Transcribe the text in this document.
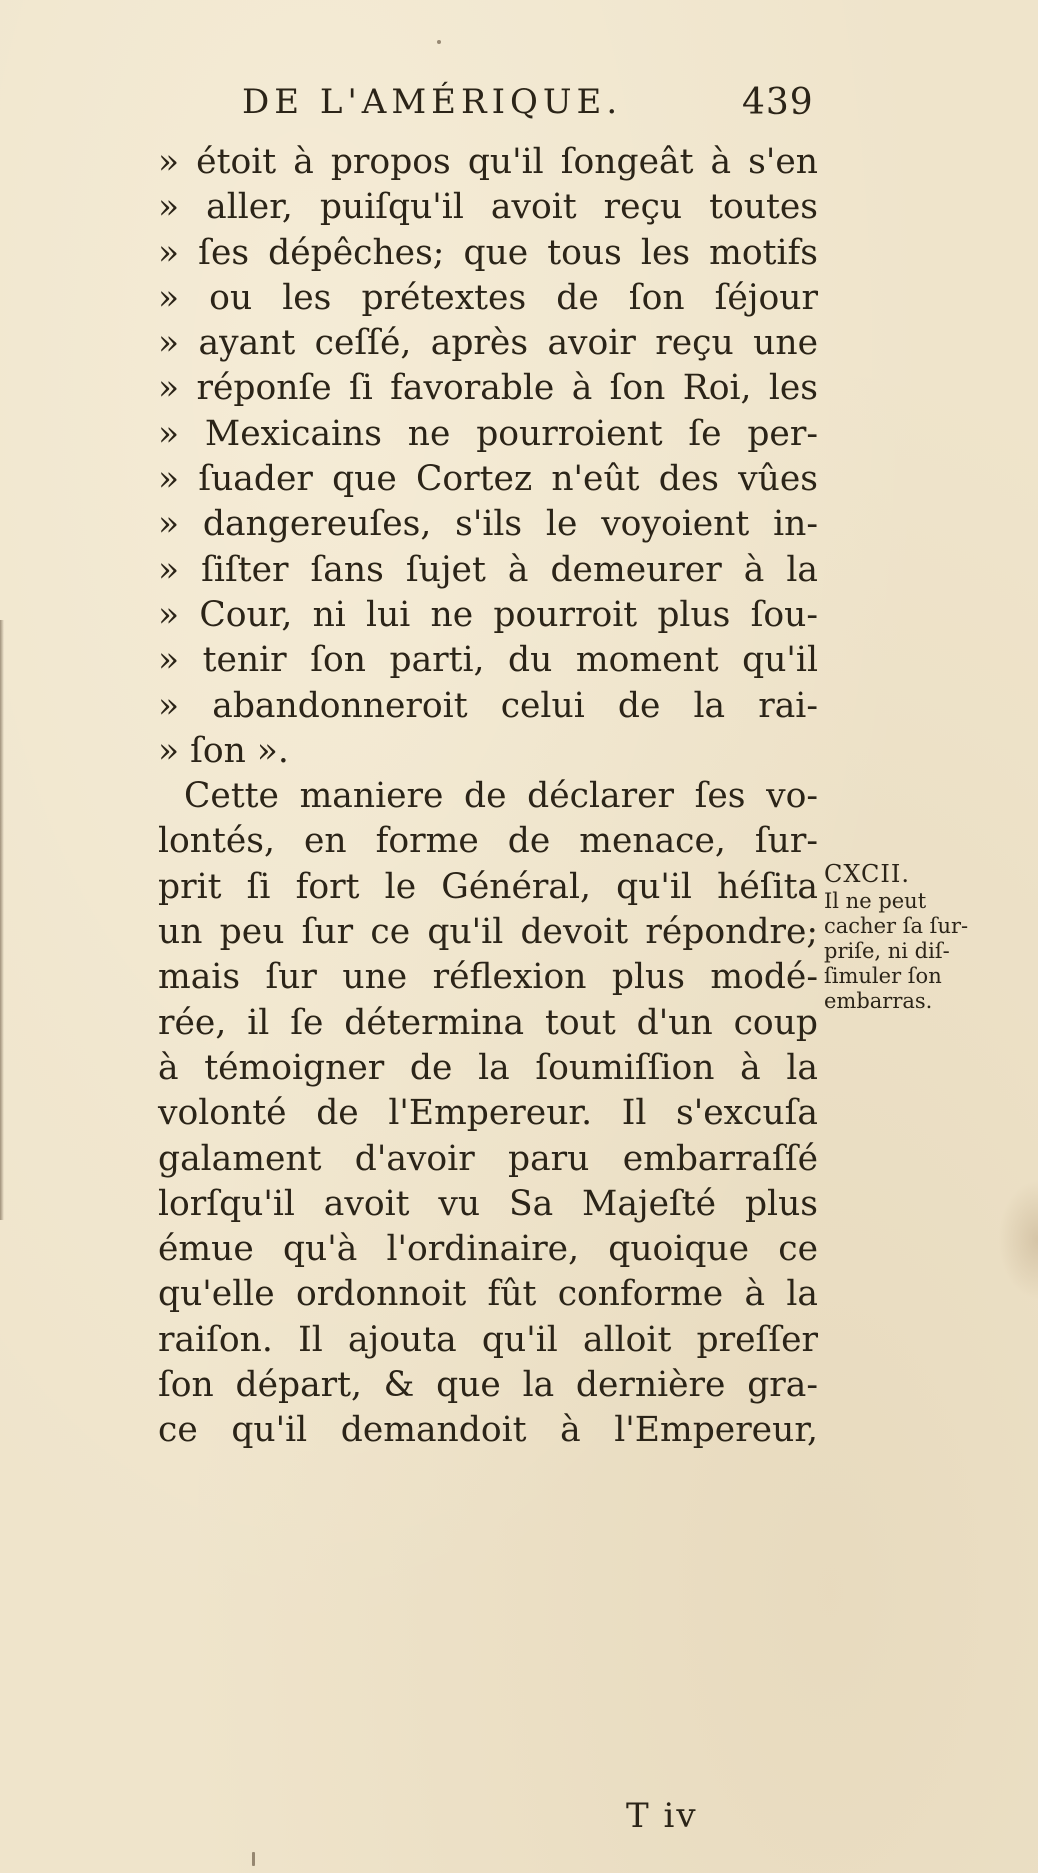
DE L'AMÉRIQUE.	439
» étoit à propos qu'il ſongeât à s'en
» aller, puiſqu'il avoit reçu toutes
» ſes dépêches; que tous les motifs
» ou les prétextes de ſon ſéjour
» ayant ceſſé, après avoir reçu une
» réponſe ſi favorable à ſon Roi, les
» Mexicains ne pourroient ſe per-
» ſuader que Cortez n'eût des vûes
» dangereuſes, s'ils le voyoient in-
» ſiſter ſans ſujet à demeurer à la
» Cour, ni lui ne pourroit plus ſou-
» tenir ſon parti, du moment qu'il
» abandonneroit celui de la rai-
» ſon ».
Cette maniere de déclarer ſes vo-
lontés, en forme de menace, ſur-
prit ſi fort le Général, qu'il héſita
un peu ſur ce qu'il devoit répondre;
mais ſur une réflexion plus modé-
rée, il ſe détermina tout d'un coup
à témoigner de la ſoumiſſion à la
volonté de l'Empereur. Il s'excuſa
galament d'avoir paru embarraſſé
lorſqu'il avoit vu Sa Majeſté plus
émue qu'à l'ordinaire, quoique ce
qu'elle ordonnoit fût conforme à la
raiſon. Il ajouta qu'il alloit preſſer
ſon départ, & que la dernière gra-
ce qu'il demandoit à l'Empereur,
CXCII.
Il ne peut
cacher ſa ſur-
priſe, ni diſ-
ſimuler ſon
embarras.
T iv
